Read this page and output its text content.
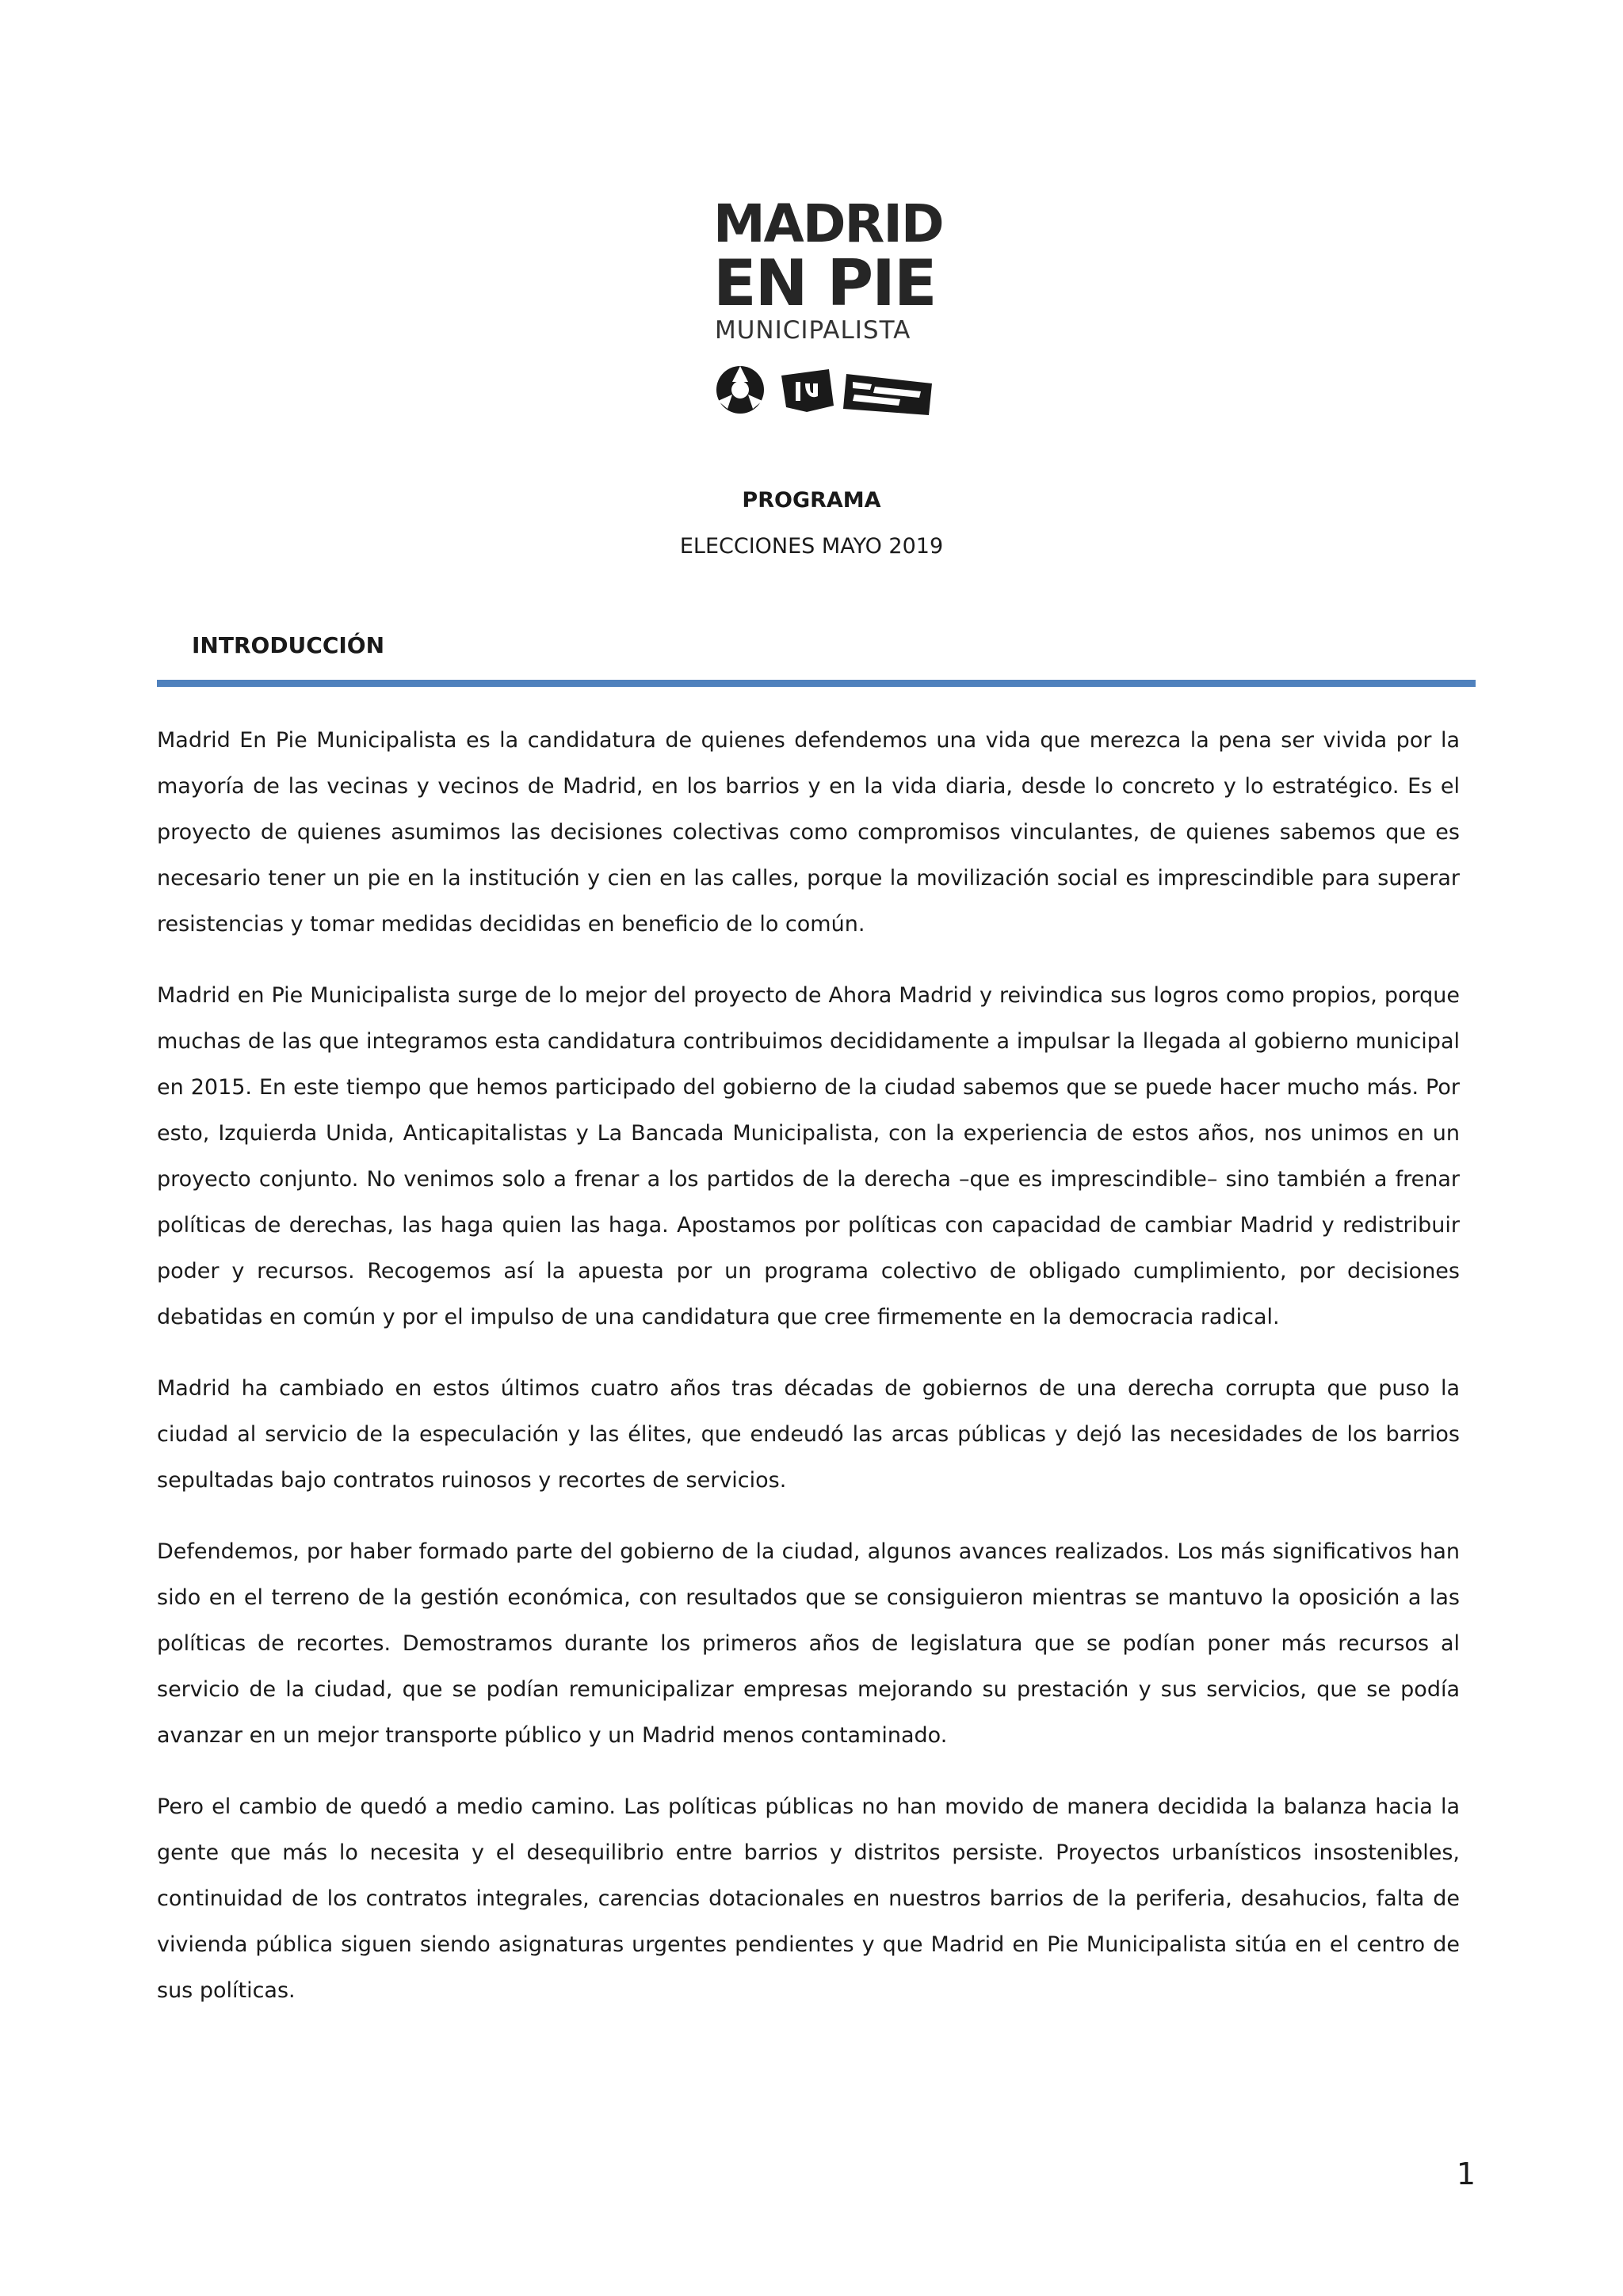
MADRID
EN PIE
MUNICIPALISTA
PROGRAMA
ELECCIONES MAYO 2019
INTRODUCCIÓN

Madrid En Pie Municipalista es la candidatura de quienes defendemos una vida que merezca la pena ser vivida por la mayoría de las vecinas y vecinos de Madrid, en los barrios y en la vida diaria, desde lo concreto y lo estratégico. Es el proyecto de quienes asumimos las decisiones colectivas como compromisos vinculantes, de quienes sabemos que es necesario tener un pie en la institución y cien en las calles, porque la movilización social es imprescindible para superar resistencias y tomar medidas decididas en beneficio de lo común.

Madrid en Pie Municipalista surge de lo mejor del proyecto de Ahora Madrid y reivindica sus logros como propios, porque muchas de las que integramos esta candidatura contribuimos decididamente a impulsar la llegada al gobierno municipal en 2015. En este tiempo que hemos participado del gobierno de la ciudad sabemos que se puede hacer mucho más. Por esto, Izquierda Unida, Anticapitalistas y La Bancada Municipalista, con la experiencia de estos años, nos unimos en un proyecto conjunto. No venimos solo a frenar a los partidos de la derecha –que es imprescindible– sino también a frenar políticas de derechas, las haga quien las haga. Apostamos por políticas con capacidad de cambiar Madrid y redistribuir poder y recursos. Recogemos así la apuesta por un programa colectivo de obligado cumplimiento, por decisiones debatidas en común y por el impulso de una candidatura que cree firmemente en la democracia radical.

Madrid ha cambiado en estos últimos cuatro años tras décadas de gobiernos de una derecha corrupta que puso la ciudad al servicio de la especulación y las élites, que endeudó las arcas públicas y dejó las necesidades de los barrios sepultadas bajo contratos ruinosos y recortes de servicios.

Defendemos, por haber formado parte del gobierno de la ciudad, algunos avances realizados. Los más significativos han sido en el terreno de la gestión económica, con resultados que se consiguieron mientras se mantuvo la oposición a las políticas de recortes. Demostramos durante los primeros años de legislatura que se podían poner más recursos al servicio de la ciudad, que se podían remunicipalizar empresas mejorando su prestación y sus servicios, que se podía avanzar en un mejor transporte público y un Madrid menos contaminado.

Pero el cambio de quedó a medio camino. Las políticas públicas no han movido de manera decidida la balanza hacia la gente que más lo necesita y el desequilibrio entre barrios y distritos persiste. Proyectos urbanísticos insostenibles, continuidad de los contratos integrales, carencias dotacionales en nuestros barrios de la periferia, desahucios, falta de vivienda pública siguen siendo asignaturas urgentes pendientes y que Madrid en Pie Municipalista sitúa en el centro de sus políticas.

1
